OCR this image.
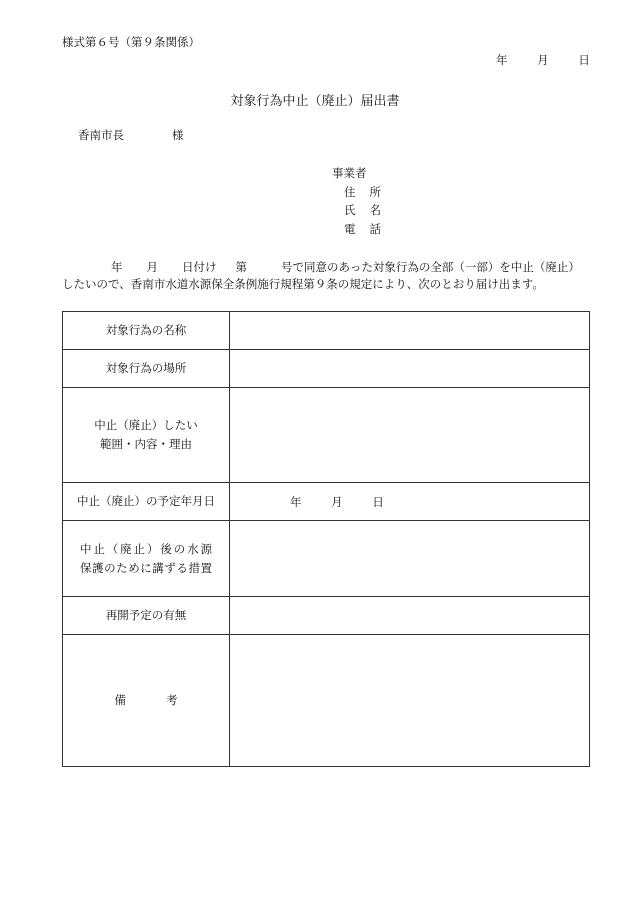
様式第６号（第９条関係）
年	月	日
対象行為中止（廃止）届出書
香南市長	様
事業者
住所
氏名
電話
年 月 日付け 第	号で同意のあった対象行為の全部（一部）を中止（廃止）
したいので、香南市水道水源保全条例施行規程第９条の規定により、次のとおり届け出ます。
対象行為の名称	
対象行為の場所	

中止（廃止）したい
範囲・内容・理由	

中止（廃止）の予定年月日	年 月 日
中止（廃止）後の水源
保護のために講ずる措置	
再開予定の有無	
備 考	
